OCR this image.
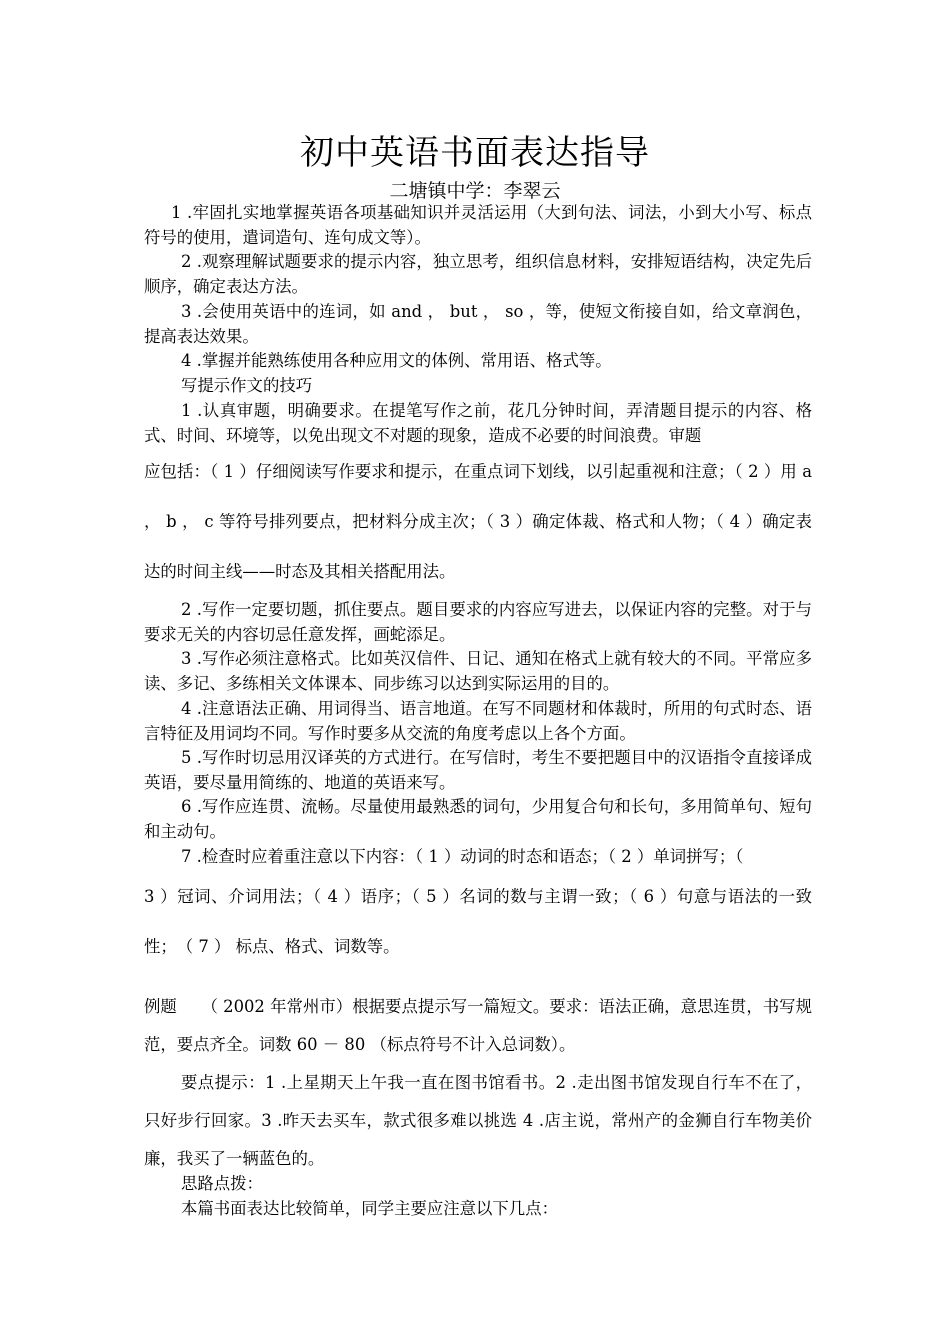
初中英语书面表达指导
二塘镇中学：李翠云
1 .牢固扎实地掌握英语各项基础知识并灵活运用（大到句法、词法，小到大小写、标点符号的使用，遣词造句、连句成文等）。
2 .观察理解试题要求的提示内容，独立思考，组织信息材料，安排短语结构，决定先后顺序，确定表达方法。
3 .会使用英语中的连词，如 and ， but ， so ，等，使短文衔接自如，给文章润色，提高表达效果。
4 .掌握并能熟练使用各种应用文的体例、常用语、格式等。
写提示作文的技巧
1 .认真审题，明确要求。在提笔写作之前，花几分钟时间，弄清题目提示的内容、格式、时间、环境等，以免出现文不对题的现象，造成不必要的时间浪费。审题
应包括：（ 1 ）仔细阅读写作要求和提示，在重点词下划线，以引起重视和注意；（ 2 ）用 a ， b ， c 等符号排列要点，把材料分成主次；（ 3 ）确定体裁、格式和人物；（ 4 ）确定表达的时间主线——时态及其相关搭配用法。
2 .写作一定要切题，抓住要点。题目要求的内容应写进去，以保证内容的完整。对于与要求无关的内容切忌任意发挥，画蛇添足。
3 .写作必须注意格式。比如英汉信件、日记、通知在格式上就有较大的不同。平常应多读、多记、多练相关文体课本、同步练习以达到实际运用的目的。
4 .注意语法正确、用词得当、语言地道。在写不同题材和体裁时，所用的句式时态、语言特征及用词均不同。写作时要多从交流的角度考虑以上各个方面。
5 .写作时切忌用汉译英的方式进行。在写信时，考生不要把题目中的汉语指令直接译成英语，要尽量用简练的、地道的英语来写。
6 .写作应连贯、流畅。尽量使用最熟悉的词句，少用复合句和长句，多用简单句、短句和主动句。
7 .检查时应着重注意以下内容：（ 1 ）动词的时态和语态；（ 2 ）单词拼写；（
3 ）冠词、介词用法；（ 4 ）语序；（ 5 ）名词的数与主谓一致；（ 6 ）句意与语法的一致性；　（ 7 ） 标点、格式、词数等。
例题　　（ 2002 年常州市）根据要点提示写一篇短文。要求：语法正确，意思连贯，书写规范，要点齐全。词数 60 － 80 （标点符号不计入总词数）。
要点提示：1 .上星期天上午我一直在图书馆看书。2 .走出图书馆发现自行车不在了，只好步行回家。3 .昨天去买车，款式很多难以挑选 4 .店主说，常州产的金狮自行车物美价廉，我买了一辆蓝色的。
思路点拨：
本篇书面表达比较简单，同学主要应注意以下几点：
